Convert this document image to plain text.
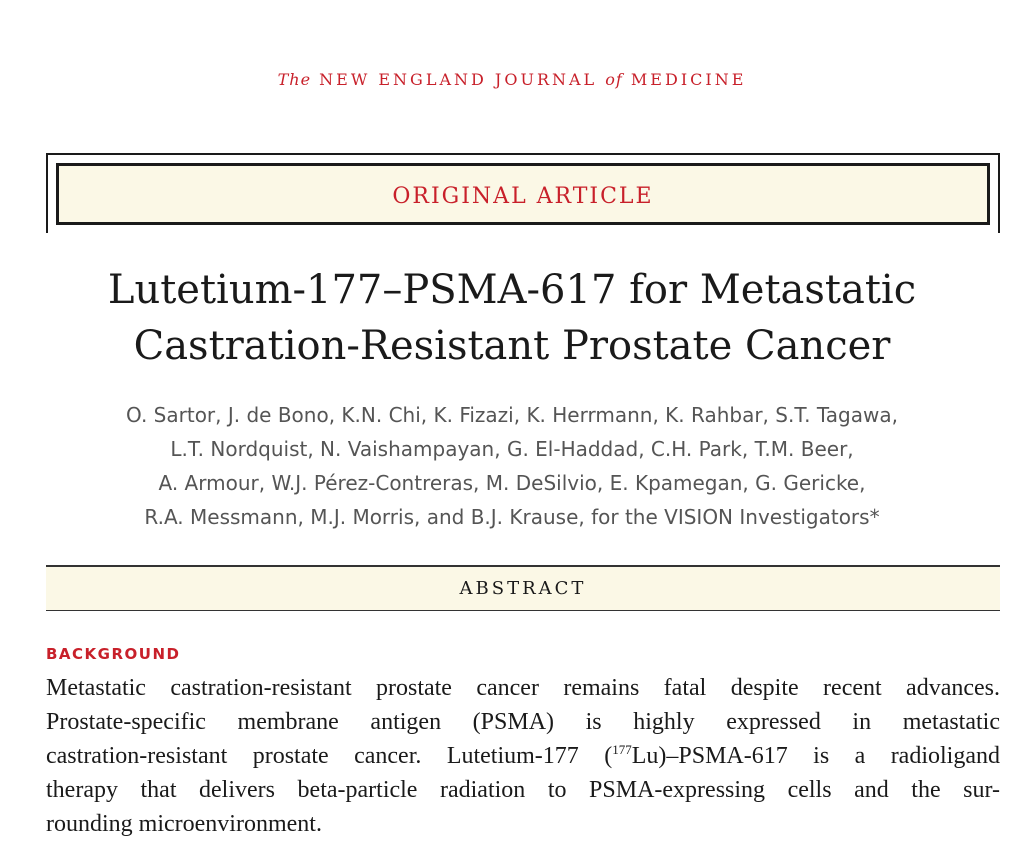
The NEW ENGLAND JOURNAL of MEDICINE
ORIGINAL ARTICLE
Lutetium-177–PSMA-617 for Metastatic
Castration-Resistant Prostate Cancer
O. Sartor, J. de Bono, K.N. Chi, K. Fizazi, K. Herrmann, K. Rahbar, S.T. Tagawa,
L.T. Nordquist, N. Vaishampayan, G. El-Haddad, C.H. Park, T.M. Beer,
A. Armour, W.J. Pérez-Contreras, M. DeSilvio, E. Kpamegan, G. Gericke,
R.A. Messmann, M.J. Morris, and B.J. Krause, for the VISION Investigators*
ABSTRACT
BACKGROUND
Metastatic castration-resistant prostate cancer remains fatal despite recent advances.
Prostate-specific membrane antigen (PSMA) is highly expressed in metastatic
castration-resistant prostate cancer. Lutetium-177 ($^{177}$Lu)–PSMA-617 is a radioligand
therapy that delivers beta-particle radiation to PSMA-expressing cells and the sur-
rounding microenvironment.
